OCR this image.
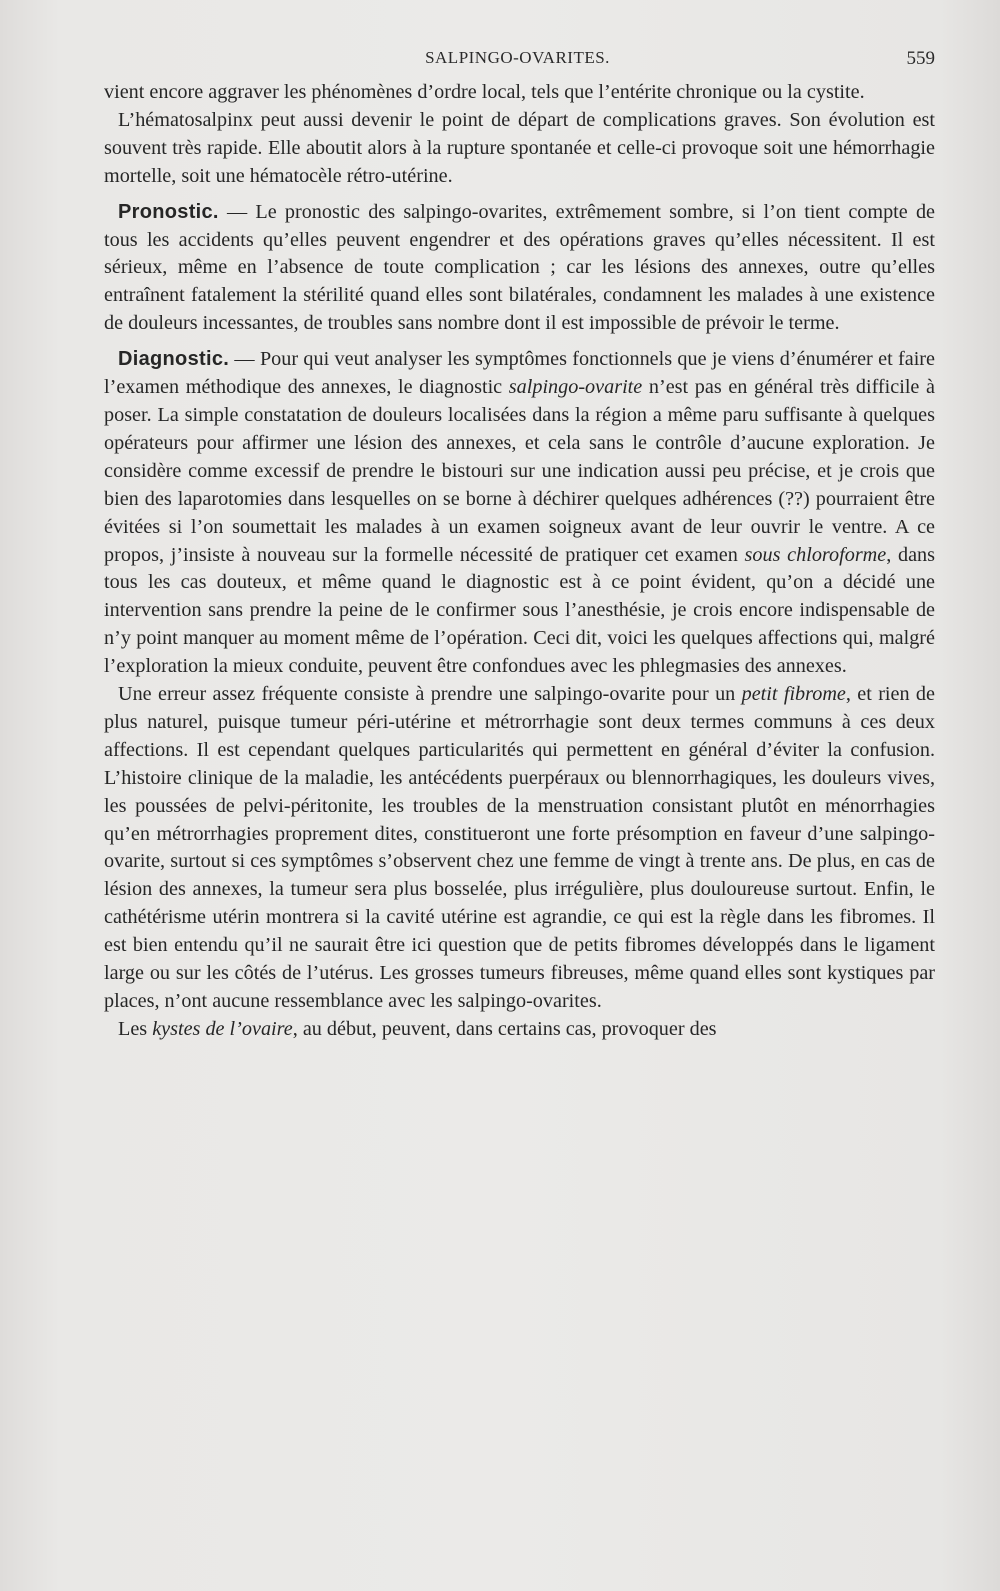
SALPINGO-OVARITES.	559

vient encore aggraver les phénomènes d’ordre local, tels que l’entérite chronique ou la cystite.

L’hématosalpinx peut aussi devenir le point de départ de complications graves. Son évolution est souvent très rapide. Elle aboutit alors à la rupture spontanée et celle-ci provoque soit une hémorrhagie mortelle, soit une hématocèle rétro-utérine.

Pronostic. — Le pronostic des salpingo-ovarites, extrêmement sombre, si l’on tient compte de tous les accidents qu’elles peuvent engendrer et des opérations graves qu’elles nécessitent. Il est sérieux, même en l’absence de toute complication ; car les lésions des annexes, outre qu’elles entraînent fatalement la stérilité quand elles sont bilatérales, condamnent les malades à une existence de douleurs incessantes, de troubles sans nombre dont il est impossible de prévoir le terme.

Diagnostic. — Pour qui veut analyser les symptômes fonctionnels que je viens d’énumérer et faire l’examen méthodique des annexes, le diagnostic salpingo-ovarite n’est pas en général très difficile à poser. La simple constatation de douleurs localisées dans la région a même paru suffisante à quelques opérateurs pour affirmer une lésion des annexes, et cela sans le contrôle d’aucune exploration. Je considère comme excessif de prendre le bistouri sur une indication aussi peu précise, et je crois que bien des laparotomies dans lesquelles on se borne à déchirer quelques adhérences (??) pourraient être évitées si l’on soumettait les malades à un examen soigneux avant de leur ouvrir le ventre. A ce propos, j’insiste à nouveau sur la formelle nécessité de pratiquer cet examen sous chloroforme, dans tous les cas douteux, et même quand le diagnostic est à ce point évident, qu’on a décidé une intervention sans prendre la peine de le confirmer sous l’anesthésie, je crois encore indispensable de n’y point manquer au moment même de l’opération. Ceci dit, voici les quelques affections qui, malgré l’exploration la mieux conduite, peuvent être confondues avec les phlegmasies des annexes.

Une erreur assez fréquente consiste à prendre une salpingo-ovarite pour un petit fibrome, et rien de plus naturel, puisque tumeur péri-utérine et métrorrhagie sont deux termes communs à ces deux affections. Il est cependant quelques particularités qui permettent en général d’éviter la confusion. L’histoire clinique de la maladie, les antécédents puerpéraux ou blennorrhagiques, les douleurs vives, les poussées de pelvi-péritonite, les troubles de la menstruation consistant plutôt en ménorrhagies qu’en métrorrhagies proprement dites, constitueront une forte présomption en faveur d’une salpingo-ovarite, surtout si ces symptômes s’observent chez une femme de vingt à trente ans. De plus, en cas de lésion des annexes, la tumeur sera plus bosselée, plus irrégulière, plus douloureuse surtout. Enfin, le cathétérisme utérin montrera si la cavité utérine est agrandie, ce qui est la règle dans les fibromes. Il est bien entendu qu’il ne saurait être ici question que de petits fibromes développés dans le ligament large ou sur les côtés de l’utérus. Les grosses tumeurs fibreuses, même quand elles sont kystiques par places, n’ont aucune ressemblance avec les salpingo-ovarites.

Les kystes de l’ovaire, au début, peuvent, dans certains cas, provoquer des
